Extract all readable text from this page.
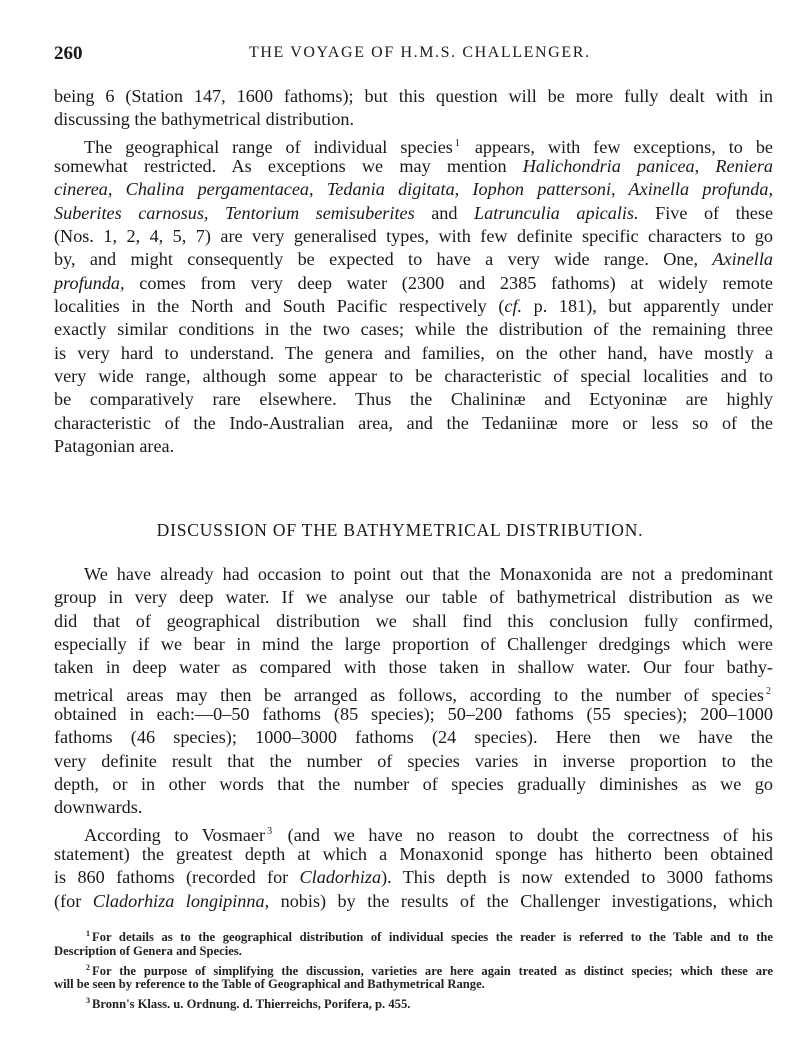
260	THE VOYAGE OF H.M.S. CHALLENGER.
being 6 (Station 147, 1600 fathoms); but this question will be more fully dealt with in
discussing the bathymetrical distribution.
The geographical range of individual species $^1$ appears, with few exceptions, to be
somewhat restricted. As exceptions we may mention Halichondria panicea, Reniera
cinerea, Chalina pergamentacea, Tedania digitata, Iophon pattersoni, Axinella profunda,
Suberites carnosus, Tentorium semisuberites and Latrunculia apicalis. Five of these
(Nos. 1, 2, 4, 5, 7) are very generalised types, with few definite specific characters to go
by, and might consequently be expected to have a very wide range. One, Axinella
profunda, comes from very deep water (2300 and 2385 fathoms) at widely remote
localities in the North and South Pacific respectively (cf. p. 181), but apparently under
exactly similar conditions in the two cases; while the distribution of the remaining three
is very hard to understand. The genera and families, on the other hand, have mostly a
very wide range, although some appear to be characteristic of special localities and to
be comparatively rare elsewhere. Thus the Chalininæ and Ectyoninæ are highly
characteristic of the Indo-Australian area, and the Tedaniinæ more or less so of the
Patagonian area.
DISCUSSION OF THE BATHYMETRICAL DISTRIBUTION.
We have already had occasion to point out that the Monaxonida are not a predominant
group in very deep water. If we analyse our table of bathymetrical distribution as we
did that of geographical distribution we shall find this conclusion fully confirmed,
especially if we bear in mind the large proportion of Challenger dredgings which were
taken in deep water as compared with those taken in shallow water. Our four bathy-
metrical areas may then be arranged as follows, according to the number of species $^2$
obtained in each:—0–50 fathoms (85 species); 50–200 fathoms (55 species); 200–1000
fathoms (46 species); 1000–3000 fathoms (24 species). Here then we have the
very definite result that the number of species varies in inverse proportion to the
depth, or in other words that the number of species gradually diminishes as we go
downwards.
According to Vosmaer $^3$ (and we have no reason to doubt the correctness of his
statement) the greatest depth at which a Monaxonid sponge has hitherto been obtained
is 860 fathoms (recorded for Cladorhiza). This depth is now extended to 3000 fathoms
(for Cladorhiza longipinna, nobis) by the results of the Challenger investigations, which
$^1$ For details as to the geographical distribution of individual species the reader is referred to the Table and to the
Description of Genera and Species.
$^2$ For the purpose of simplifying the discussion, varieties are here again treated as distinct species; which these are
will be seen by reference to the Table of Geographical and Bathymetrical Range.
$^3$ Bronn's Klass. u. Ordnung. d. Thierreichs, Porifera, p. 455.
